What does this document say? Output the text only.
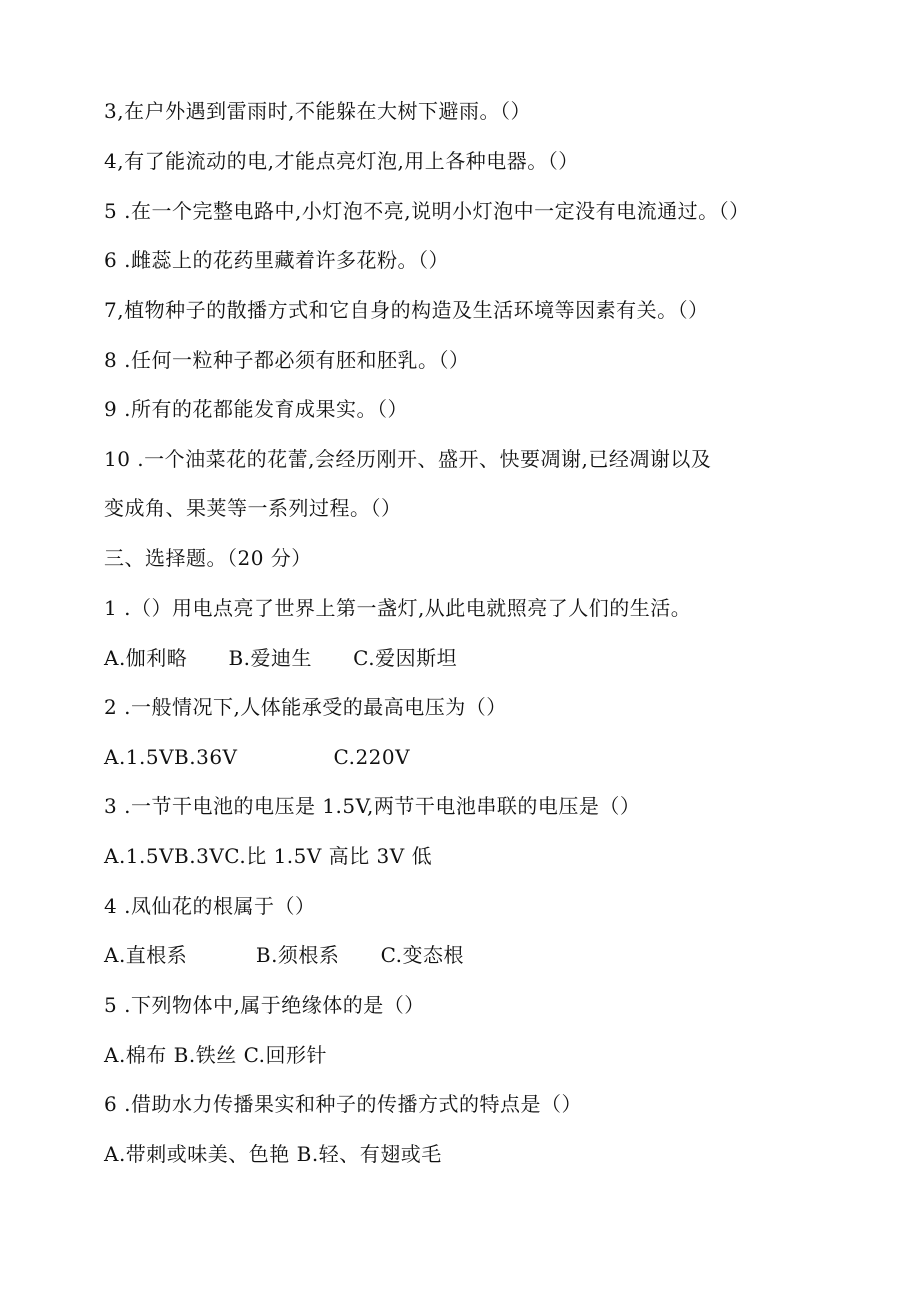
3,在户外遇到雷雨时,不能躲在大树下避雨。（）
4,有了能流动的电,才能点亮灯泡,用上各种电器。（）
5 .在一个完整电路中,小灯泡不亮,说明小灯泡中一定没有电流通过。（）
6 .雌蕊上的花药里藏着许多花粉。（）
7,植物种子的散播方式和它自身的构造及生活环境等因素有关。（）
8 .任何一粒种子都必须有胚和胚乳。（）
9 .所有的花都能发育成果实。（）
10 .一个油菜花的花蕾,会经历刚开、盛开、快要凋谢,已经凋谢以及
变成角、果荚等一系列过程。（）
三、选择题。（20 分）
1 .（）用电点亮了世界上第一盏灯,从此电就照亮了人们的生活。
A.伽利略      B.爱迪生      C.爱因斯坦
2 .一般情况下,人体能承受的最高电压为（）
A.1.5VB.36V              C.220V
3 .一节干电池的电压是 1.5V,两节干电池串联的电压是（）
A.1.5VB.3VC.比 1.5V 高比 3V 低
4 .凤仙花的根属于（）
A.直根系          B.须根系      C.变态根
5 .下列物体中,属于绝缘体的是（）
A.棉布 B.铁丝 C.回形针
6 .借助水力传播果实和种子的传播方式的特点是（）
A.带刺或味美、色艳 B.轻、有翅或毛
